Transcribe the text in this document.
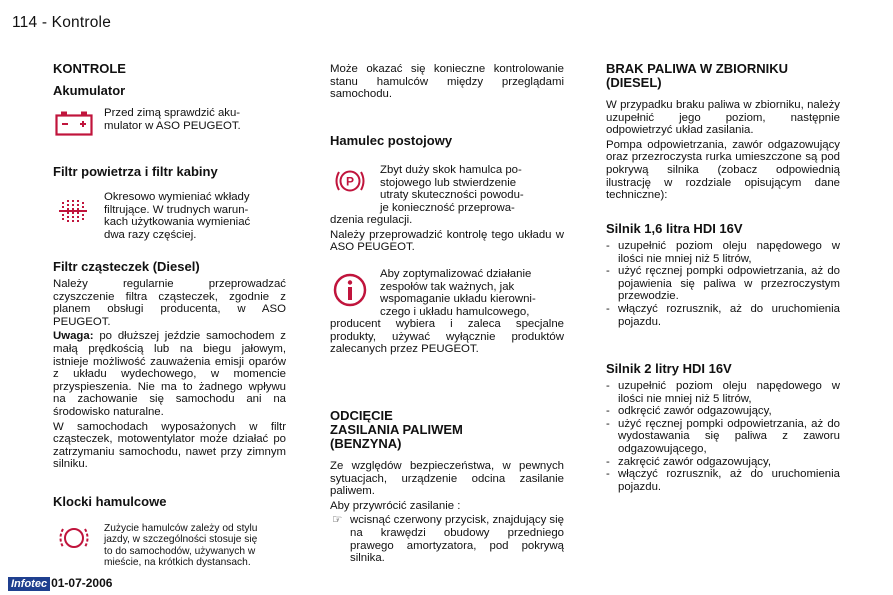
114 - Kontrole
KONTROLE
Akumulator
Przed zimą sprawdzić aku-
mulator w ASO PEUGEOT.
Filtr powietrza i filtr kabiny
Okresowo wymieniać wkłady
filtrujące. W trudnych warun-
kach użytkowania wymieniać
dwa razy częściej.
Filtr cząsteczek (Diesel)

Należy regularnie przeprowadzać czyszczenie filtra cząsteczek, zgodnie z planem obsługi producenta, w ASO PEUGEOT.

Uwaga: po dłuższej jeździe samochodem z małą prędkością lub na biegu jałowym, istnieje możliwość zauważenia emisji oparów z układu wydechowego, w momencie przyspieszenia. Nie ma to żadnego wpływu na zachowanie się samochodu ani na środowisko naturalne.

W samochodach wyposażonych w filtr cząsteczek, motowentylator może działać po zatrzymaniu samochodu, nawet przy zimnym silniku.

Klocki hamulcowe
Zużycie hamulców zależy od stylu
jazdy, w szczególności stosuje się
to do samochodów, używanych w
mieście, na krótkich dystansach.

Może okazać się konieczne kontrolowanie stanu hamulców między przeglądami samochodu.

Hamulec postojowy
P
Zbyt duży skok hamulca po-
stojowego lub stwierdzenie
utraty skuteczności powodu-
je konieczność przeprowa-

dzenia regulacji.

Należy przeprowadzić kontrolę tego układu w ASO PEUGEOT.

Aby zoptymalizować działanie
zespołów tak ważnych, jak
wspomaganie układu kierowni-
czego i układu hamulcowego,

producent wybiera i zaleca specjalne produkty, używać wyłącznie produktów zalecanych przez PEUGEOT.

ODCIĘCIE
ZASILANIA PALIWEM
(BENZYNA)

Ze względów bezpieczeństwa, w pewnych sytuacjach, urządzenie odcina zasilanie paliwem.

Aby przywrócić zasilanie :

☞ wcisnąć czerwony przycisk, znajdujący się na krawędzi obudowy przedniego prawego amortyzatora, pod pokrywą silnika.
BRAK PALIWA W ZBIORNIKU
(DIESEL)

W przypadku braku paliwa w zbiorniku, należy uzupełnić jego poziom, następnie odpowietrzyć układ zasilania.

Pompa odpowietrzania, zawór odgazowujący oraz przezroczysta rurka umieszczone są pod pokrywą silnika (zobacz odpowiednią ilustrację w rozdziale opisującym dane techniczne):

Silnik 1,6 litra HDI 16V
- uzupełnić poziom oleju napędowego w ilości nie mniej niż 5 litrów,
- użyć ręcznej pompki odpowietrzania, aż do pojawienia się paliwa w przezroczystym przewodzie.
- włączyć rozrusznik, aż do uruchomienia pojazdu.
Silnik 2 litry HDI 16V
- uzupełnić poziom oleju napędowego w ilości nie mniej niż 5 litrów,
- odkręcić zawór odgazowujący,
- użyć ręcznej pompki odpowietrzania, aż do wydostawania się paliwa z zaworu odgazowującego,
- zakręcić zawór odgazowujący,
- włączyć rozrusznik, aż do uruchomienia pojazdu.
Infotec 01-07-2006
